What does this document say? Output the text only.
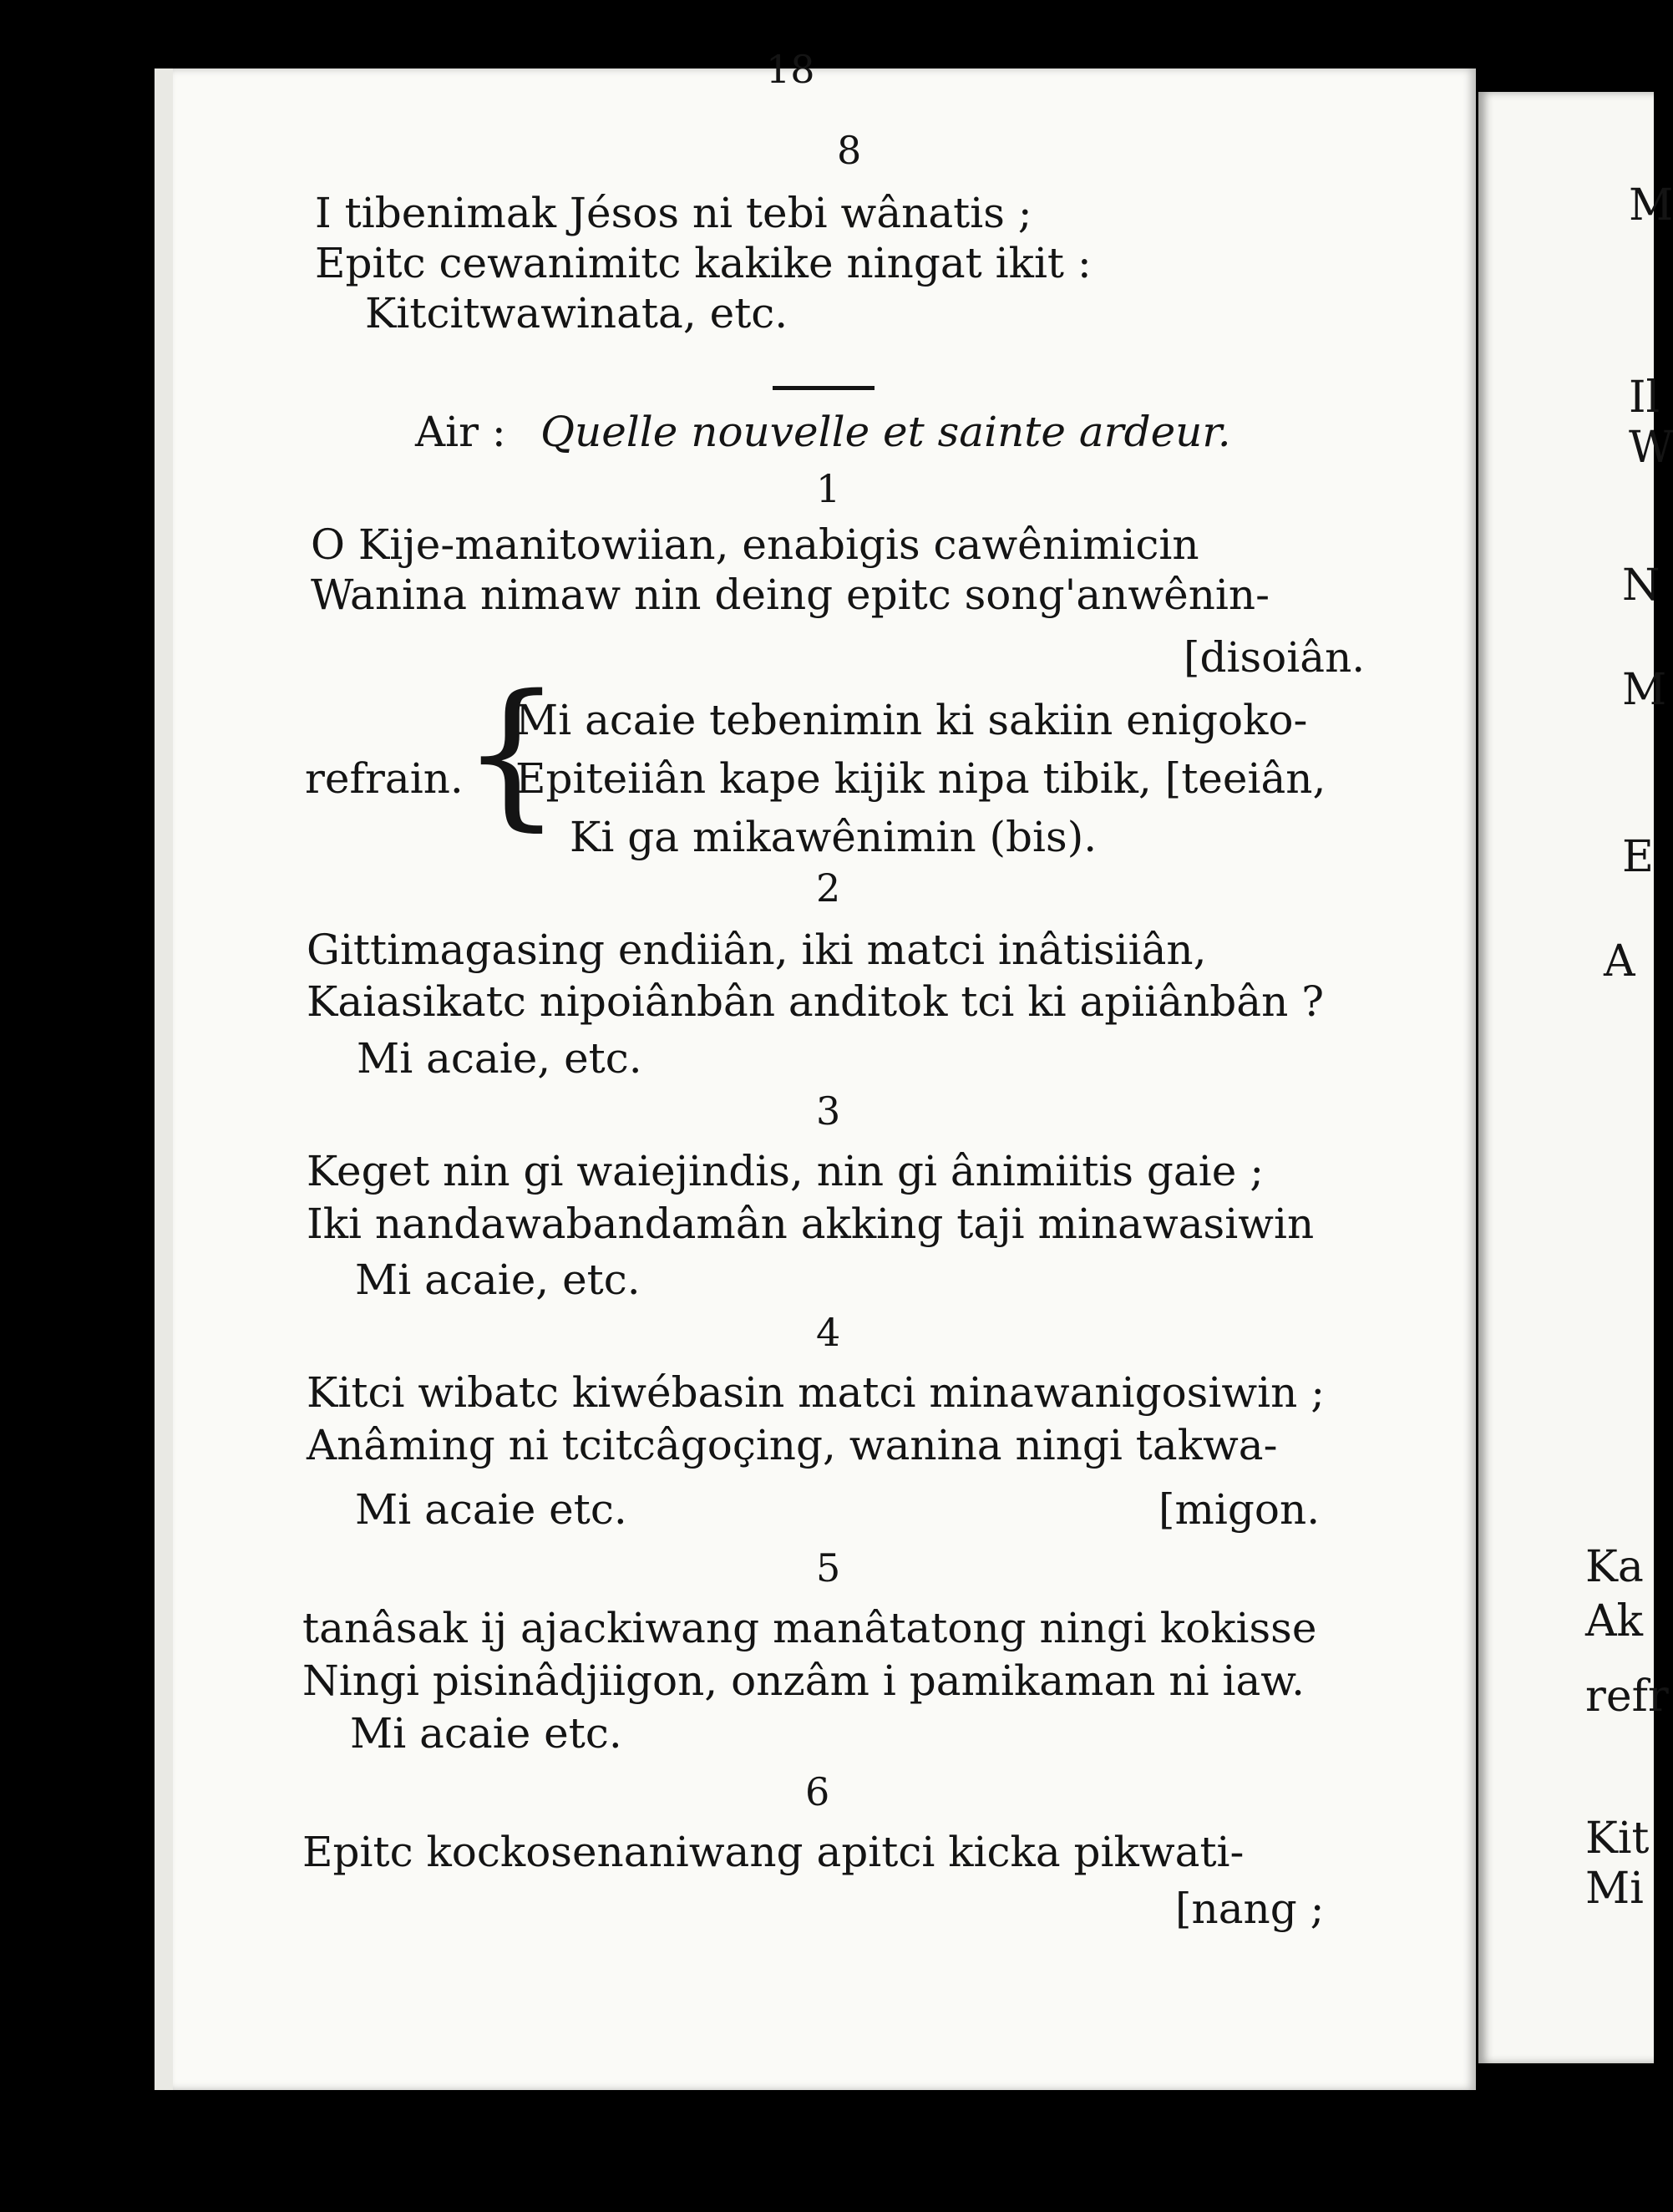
18
8
I tibenimak Jésos ni tebi wânatis ;
Epitc cewanimitc kakike ningat ikit :
Kitcitwawinata, etc.
Air : Quelle nouvelle et sainte ardeur.
1
O Kije-manitowiian, enabigis cawênimicin
Wanina nimaw nin deing epitc song'anwênin-
[disoiân.
refrain.
{
Mi acaie tebenimin ki sakiin enigoko-
Epiteiiân kape kijik nipa tibik, [teeiân,
Ki ga mikawênimin (bis).
2
Gittimagasing endiiân, iki matci inâtisiiân,
Kaiasikatc nipoiânbân anditok tci ki apiiânbân ?
Mi acaie, etc.
3
Keget nin gi waiejindis, nin gi ânimiitis gaie ;
Iki nandawabandamân akking taji minawasiwin
Mi acaie, etc.
4
Kitci wibatc kiwébasin matci minawanigosiwin ;
Anâming ni tcitcâgoçing, wanina ningi takwa-
Mi acaie etc.	[migon.
5
tanâsak ij ajackiwang manâtatong ningi kokisse
Ningi pisinâdjiigon, onzâm i pamikaman ni iaw.
Mi acaie etc.
6
Epitc kockosenaniwang apitci kicka pikwati-
[nang ;
M
Il
W
N
M
E
A
Ka
Ak
refr
Kit
Mi
